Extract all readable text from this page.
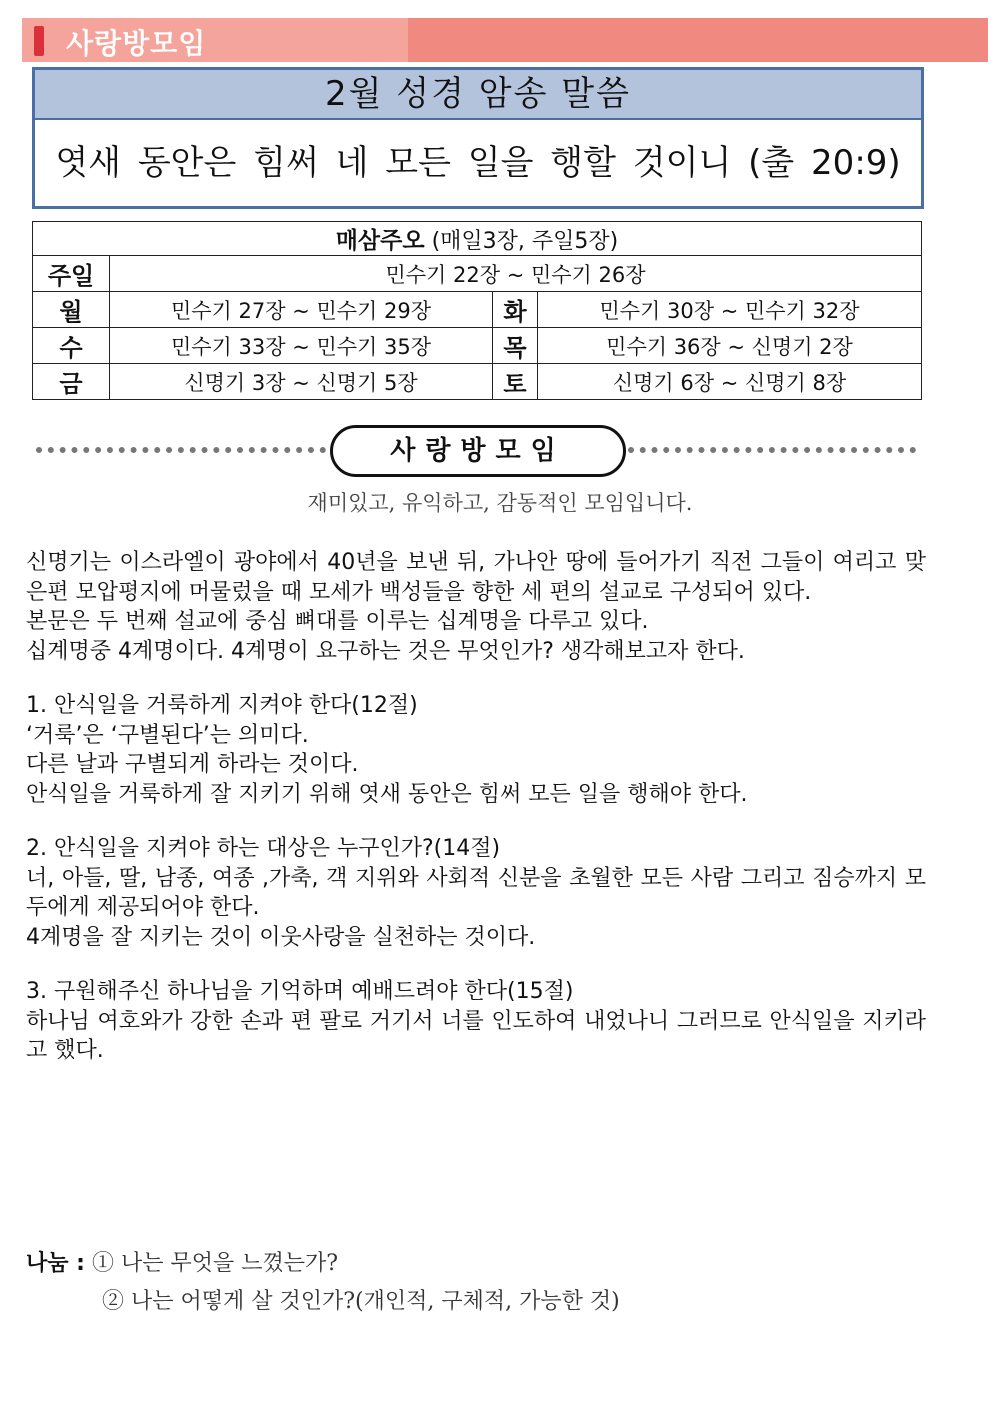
사랑방모임
2월 성경 암송 말씀
엿새 동안은 힘써 네 모든 일을 행할 것이니 (출 20:9)
매삼주오 (매일3장, 주일5장)			
주일	민수기 22장 ~ 민수기 26장		
월	민수기 27장 ~ 민수기 29장	화	민수기 30장 ~ 민수기 32장
수	민수기 33장 ~ 민수기 35장	목	민수기 36장 ~ 신명기 2장
금	신명기 3장 ~ 신명기 5장	토	신명기 6장 ~ 신명기 8장
사랑방모임
재미있고, 유익하고, 감동적인 모임입니다.

신명기는 이스라엘이 광야에서 40년을 보낸 뒤, 가나안 땅에 들어가기 직전 그들이 여리고 맞은편 모압평지에 머물렀을 때 모세가 백성들을 향한 세 편의 설교로 구성되어 있다.

본문은 두 번째 설교에 중심 뼈대를 이루는 십계명을 다루고 있다.

십계명중 4계명이다. 4계명이 요구하는 것은 무엇인가? 생각해보고자 한다.

1. 안식일을 거룩하게 지켜야 한다(12절)

‘거룩’은 ‘구별된다’는 의미다.

다른 날과 구별되게 하라는 것이다.

안식일을 거룩하게 잘 지키기 위해 엿새 동안은 힘써 모든 일을 행해야 한다.

2. 안식일을 지켜야 하는 대상은 누구인가?(14절)

너, 아들, 딸, 남종, 여종 ,가축, 객 지위와 사회적 신분을 초월한 모든 사람 그리고 짐승까지 모두에게 제공되어야 한다.

4계명을 잘 지키는 것이 이웃사랑을 실천하는 것이다.

3. 구원해주신 하나님을 기억하며 예배드려야 한다(15절)

하나님 여호와가 강한 손과 편 팔로 거기서 너를 인도하여 내었나니 그러므로 안식일을 지키라고 했다.

나눔 : ① 나는 무엇을 느꼈는가?
② 나는 어떻게 살 것인가?(개인적, 구체적, 가능한 것)
